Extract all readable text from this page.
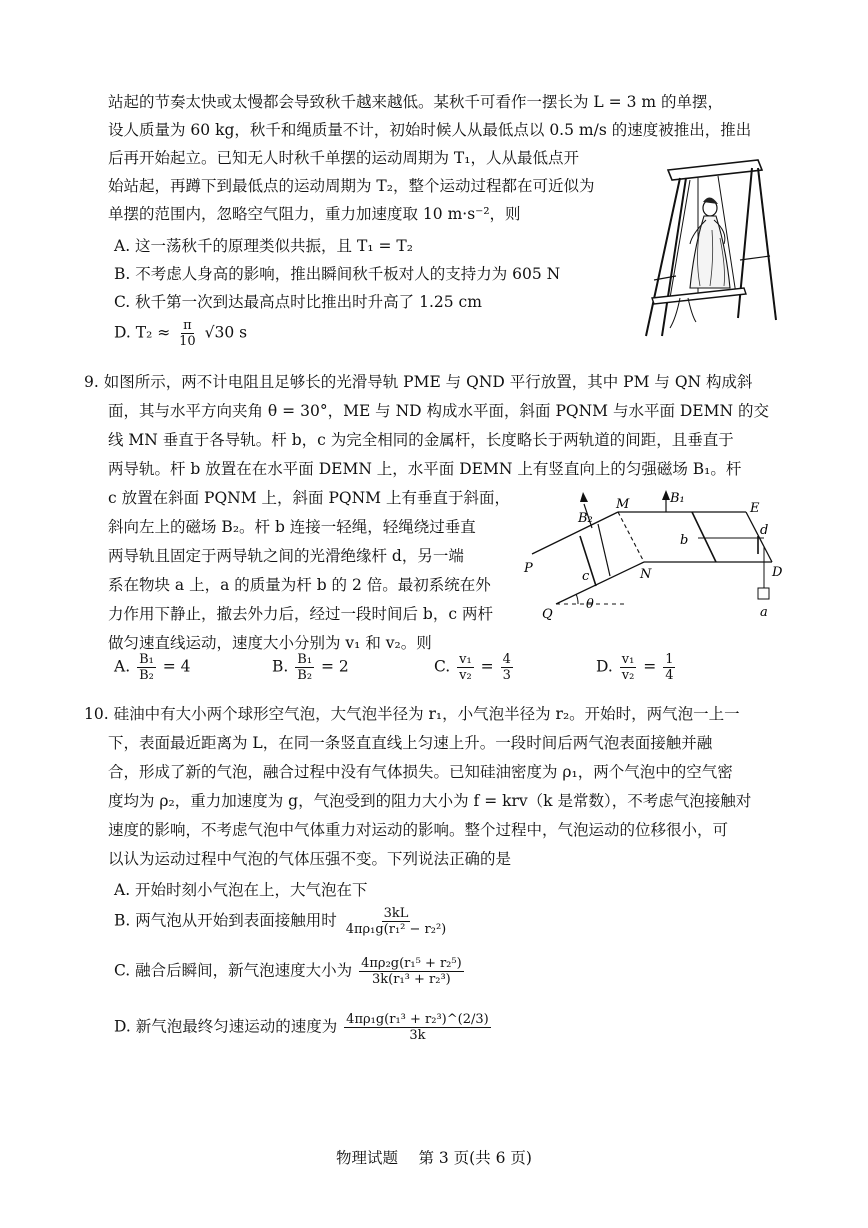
站起的节奏太快或太慢都会导致秋千越来越低。某秋千可看作一摆长为 L = 3 m 的单摆，
设人质量为 60 kg，秋千和绳质量不计，初始时候人从最低点以 0.5 m/s 的速度被推出，推出
后再开始起立。已知无人时秋千单摆的运动周期为 T₁，人从最低点开
始站起，再蹲下到最低点的运动周期为 T₂，整个运动过程都在可近似为
单摆的范围内，忽略空气阻力，重力加速度取 10 m·s⁻²，则
A. 这一荡秋千的原理类似共振，且 T₁ = T₂
B. 不考虑人身高的影响，推出瞬间秋千板对人的支持力为 605 N
C. 秋千第一次到达最高点时比推出时升高了 1.25 cm
D. $T_2 \approx \frac{\pi}{10} √30$ s
9. 如图所示，两不计电阻且足够长的光滑导轨 PME 与 QND 平行放置，其中 PM 与 QN 构成斜
面，其与水平方向夹角 θ = 30°，ME 与 ND 构成水平面，斜面 PQNM 与水平面 DEMN 的交
线 MN 垂直于各导轨。杆 b，c 为完全相同的金属杆，长度略长于两轨道的间距，且垂直于
两导轨。杆 b 放置在在水平面 DEMN 上，水平面 DEMN 上有竖直向上的匀强磁场 B₁。杆
c 放置在斜面 PQNM 上，斜面 PQNM 上有垂直于斜面，
斜向左上的磁场 B₂。杆 b 连接一轻绳，轻绳绕过垂直
两导轨且固定于两导轨之间的光滑绝缘杆 d，另一端
系在物块 a 上，a 的质量为杆 b 的 2 倍。最初系统在外
力作用下静止，撤去外力后，经过一段时间后 b，c 两杆
做匀速直线运动，速度大小分别为 v₁ 和 v₂。则
B₂
M	B₁
E
d
b
P
c	N	D
Q
θ
a
A. $\frac{\text{B₁}}{\text{B₂}} = 4$	B. $\frac{\text{B₁}}{\text{B₂}} = 2$	C. $\frac{\text{v₁}}{\text{v₂}} = \frac{4}{3}$	D. $\frac{\text{v₁}}{\text{v₂}} = \frac{1}{4}$
10. 硅油中有大小两个球形空气泡，大气泡半径为 r₁，小气泡半径为 r₂。开始时，两气泡一上一
下，表面最近距离为 L，在同一条竖直直线上匀速上升。一段时间后两气泡表面接触并融
合，形成了新的气泡，融合过程中没有气体损失。已知硅油密度为 ρ₁，两个气泡中的空气密
度均为 ρ₂，重力加速度为 g，气泡受到的阻力大小为 f = krv（k 是常数），不考虑气泡接触对
速度的影响，不考虑气泡中气体重力对运动的影响。整个过程中，气泡运动的位移很小，可
以认为运动过程中气泡的气体压强不变。下列说法正确的是
A. 开始时刻小气泡在上，大气泡在下
B. 两气泡从开始到表面接触用时 $\frac{3kL}{\text{4πρ₁g(r₁² − r₂²)}}$
C. 融合后瞬间，新气泡速度大小为 $\frac{\text{4πρ₂g(r₁⁵ + r₂⁵)}}{\text{3k(r₁³ + r₂³)}}$
D. 新气泡最终匀速运动的速度为 $\frac{\text{4πρ₁g(r₁³ + r₂³)\textasciicircum{}(2/3)}}{3k}$
物理试题　 第 3 页(共 6 页)
